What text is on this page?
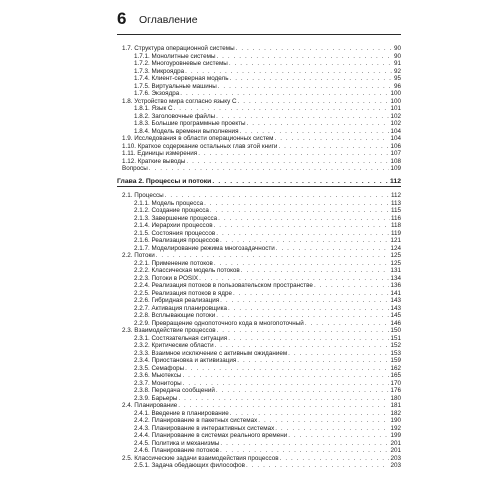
6 Оглавление
1.7. Структура операционной системы . . .	90
1.7.1. Монолитные системы . . .	90
1.7.2. Многоуровневые системы . . .	91
1.7.3. Микроядра . . .	92
1.7.4. Клиент-серверная модель . . .	95
1.7.5. Виртуальные машины . . .	96
1.7.6. Экзоядра . . .	100
1.8. Устройство мира согласно языку С . . .	100
1.8.1. Язык С . . .	101
1.8.2. Заголовочные файлы . . .	102
1.8.3. Большие программные проекты . . .	102
1.8.4. Модель времени выполнения . . .	104
1.9. Исследования в области операционных систем . . .	104
1.10. Краткое содержание остальных глав этой книги . . .	106
1.11. Единицы измерения . . .	107
1.12. Краткие выводы . . .	108
Вопросы . . .	109
Глава 2. Процессы и потоки . . .	112
2.1. Процессы . . .	112
2.1.1. Модель процесса . . .	113
2.1.2. Создание процесса . . .	115
2.1.3. Завершение процесса . . .	116
2.1.4. Иерархии процессов . . .	118
2.1.5. Состояния процессов . . .	119
2.1.6. Реализация процессов . . .	121
2.1.7. Моделирование режима многозадачности . . .	124
2.2. Потоки . . .	125
2.2.1. Применение потоков . . .	125
2.2.2. Классическая модель потоков . . .	131
2.2.3. Потоки в POSIX . . .	134
2.2.4. Реализация потоков в пользовательском пространстве . . .	136
2.2.5. Реализация потоков в ядре . . .	141
2.2.6. Гибридная реализация . . .	143
2.2.7. Активация планировщика . . .	143
2.2.8. Всплывающие потоки . . .	145
2.2.9. Превращение однопоточного кода в многопоточный . . .	146
2.3. Взаимодействие процессов . . .	150
2.3.1. Состязательная ситуация . . .	151
2.3.2. Критические области . . .	152
2.3.3. Взаимное исключение с активным ожиданием . . .	153
2.3.4. Приостановка и активизация . . .	159
2.3.5. Семафоры . . .	162
2.3.6. Мьютексы . . .	165
2.3.7. Мониторы . . .	170
2.3.8. Передача сообщений . . .	176
2.3.9. Барьеры . . .	180
2.4. Планирование . . .	181
2.4.1. Введение в планирование . . .	182
2.4.2. Планирование в пакетных системах . . .	190
2.4.3. Планирование в интерактивных системах . . .	192
2.4.4. Планирование в системах реального времени . . .	199
2.4.5. Политика и механизмы . . .	201
2.4.6. Планирование потоков . . .	201
2.5. Классические задачи взаимодействия процессов . . .	203
2.5.1. Задача обедающих философов . . .	203
